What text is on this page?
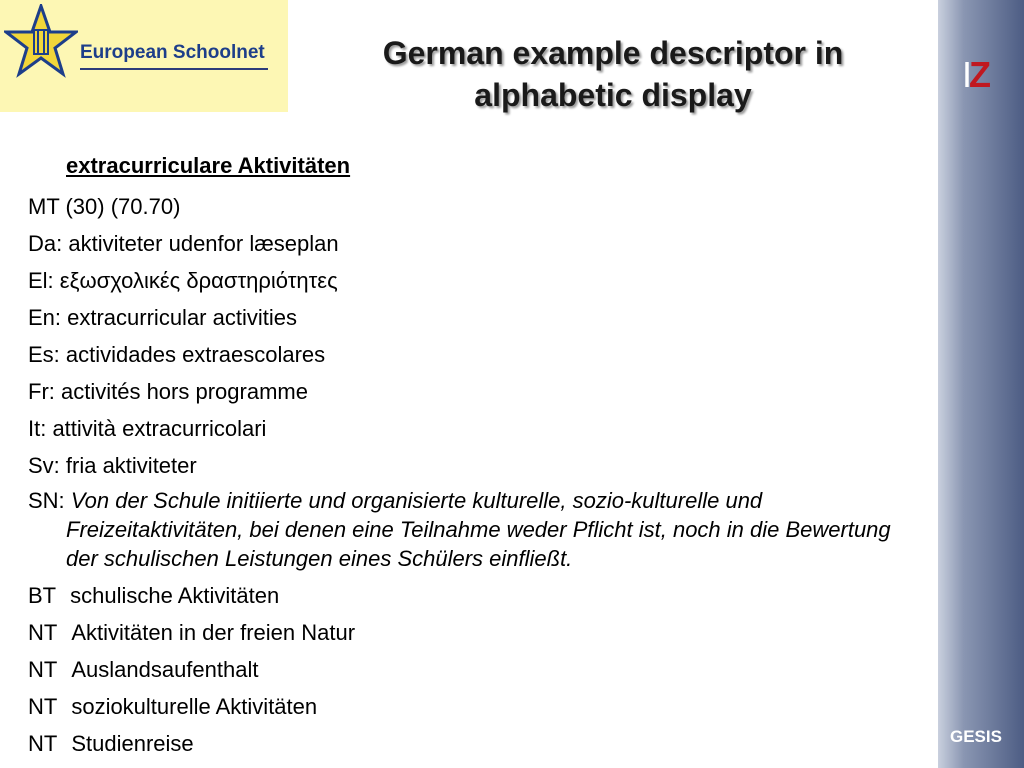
European Schoolnet	German example descriptor in alphabetic display	IZ
GESIS
extracurriculare Aktivitäten
MT (30) (70.70)
Da: aktiviteter udenfor læseplan
El: εξωσχολικές δραστηριότητες
En: extracurricular activities
Es: actividades extraescolares
Fr: activités hors programme
It: attività extracurricolari
Sv: fria aktiviteter
SN: Von der Schule initiierte und organisierte kulturelle, sozio-kulturelle und Freizeitaktivitäten, bei denen eine Teilnahme weder Pflicht ist, noch in die Bewertung der schulischen Leistungen eines Schülers einfließt.
BT schulische Aktivitäten
NT Aktivitäten in der freien Natur
NT Auslandsaufenthalt
NT soziokulturelle Aktivitäten
NT Studienreise
